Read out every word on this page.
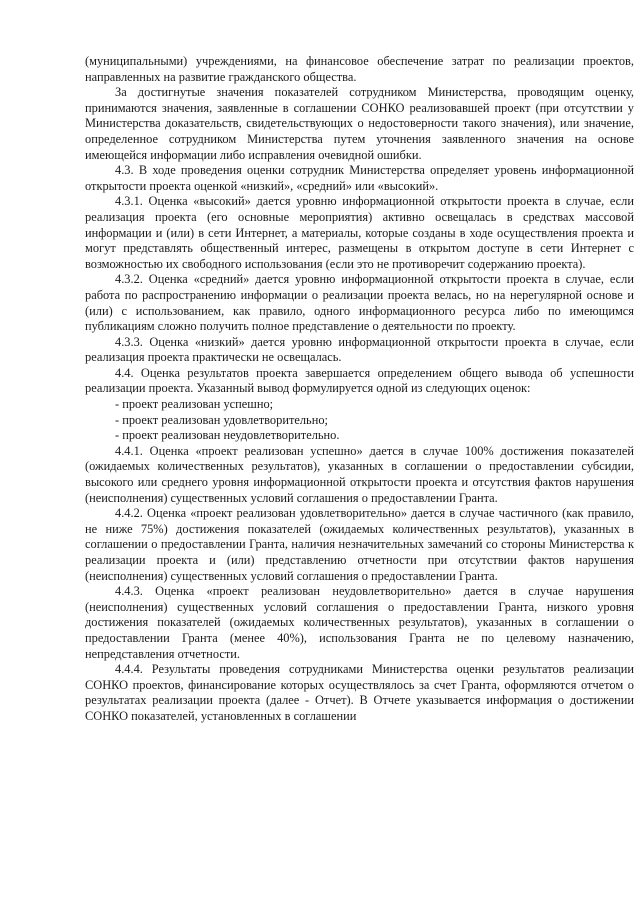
(муниципальными) учреждениями, на финансовое обеспечение затрат по реализации проектов, направленных на развитие гражданского общества.

За достигнутые значения показателей сотрудником Министерства, проводящим оценку, принимаются значения, заявленные в соглашении СОНКО реализовавшей проект (при отсутствии у Министерства доказательств, свидетельствующих о недостоверности такого значения), или значение, определенное сотрудником Министерства путем уточнения заявленного значения на основе имеющейся информации либо исправления очевидной ошибки.

4.3. В ходе проведения оценки сотрудник Министерства определяет уровень информационной открытости проекта оценкой «низкий», «средний» или «высокий».

4.3.1. Оценка «высокий» дается уровню информационной открытости проекта в случае, если реализация проекта (его основные мероприятия) активно освещалась в средствах массовой информации и (или) в сети Интернет, а материалы, которые созданы в ходе осуществления проекта и могут представлять общественный интерес, размещены в открытом доступе в сети Интернет с возможностью их свободного использования (если это не противоречит содержанию проекта).

4.3.2. Оценка «средний» дается уровню информационной открытости проекта в случае, если работа по распространению информации о реализации проекта велась, но на нерегулярной основе и (или) с использованием, как правило, одного информационного ресурса либо по имеющимся публикациям сложно получить полное представление о деятельности по проекту.

4.3.3. Оценка «низкий» дается уровню информационной открытости проекта в случае, если реализация проекта практически не освещалась.

4.4. Оценка результатов проекта завершается определением общего вывода об успешности реализации проекта. Указанный вывод формулируется одной из следующих оценок:

- проект реализован успешно;

- проект реализован удовлетворительно;

- проект реализован неудовлетворительно.

4.4.1. Оценка «проект реализован успешно» дается в случае 100% достижения показателей (ожидаемых количественных результатов), указанных в соглашении о предоставлении субсидии, высокого или среднего уровня информационной открытости проекта и отсутствия фактов нарушения (неисполнения) существенных условий соглашения о предоставлении Гранта.

4.4.2. Оценка «проект реализован удовлетворительно» дается в случае частичного (как правило, не ниже 75%) достижения показателей (ожидаемых количественных результатов), указанных в соглашении о предоставлении Гранта, наличия незначительных замечаний со стороны Министерства к реализации проекта и (или) представлению отчетности при отсутствии фактов нарушения (неисполнения) существенных условий соглашения о предоставлении Гранта.

4.4.3. Оценка «проект реализован неудовлетворительно» дается в случае нарушения (неисполнения) существенных условий соглашения о предоставлении Гранта, низкого уровня достижения показателей (ожидаемых количественных результатов), указанных в соглашении о предоставлении Гранта (менее 40%), использования Гранта не по целевому назначению, непредставления отчетности.

4.4.4. Результаты проведения сотрудниками Министерства оценки результатов реализации СОНКО проектов, финансирование которых осуществлялось за счет Гранта, оформляются отчетом о результатах реализации проекта (далее - Отчет). В Отчете указывается информация о достижении СОНКО показателей, установленных в соглашении
